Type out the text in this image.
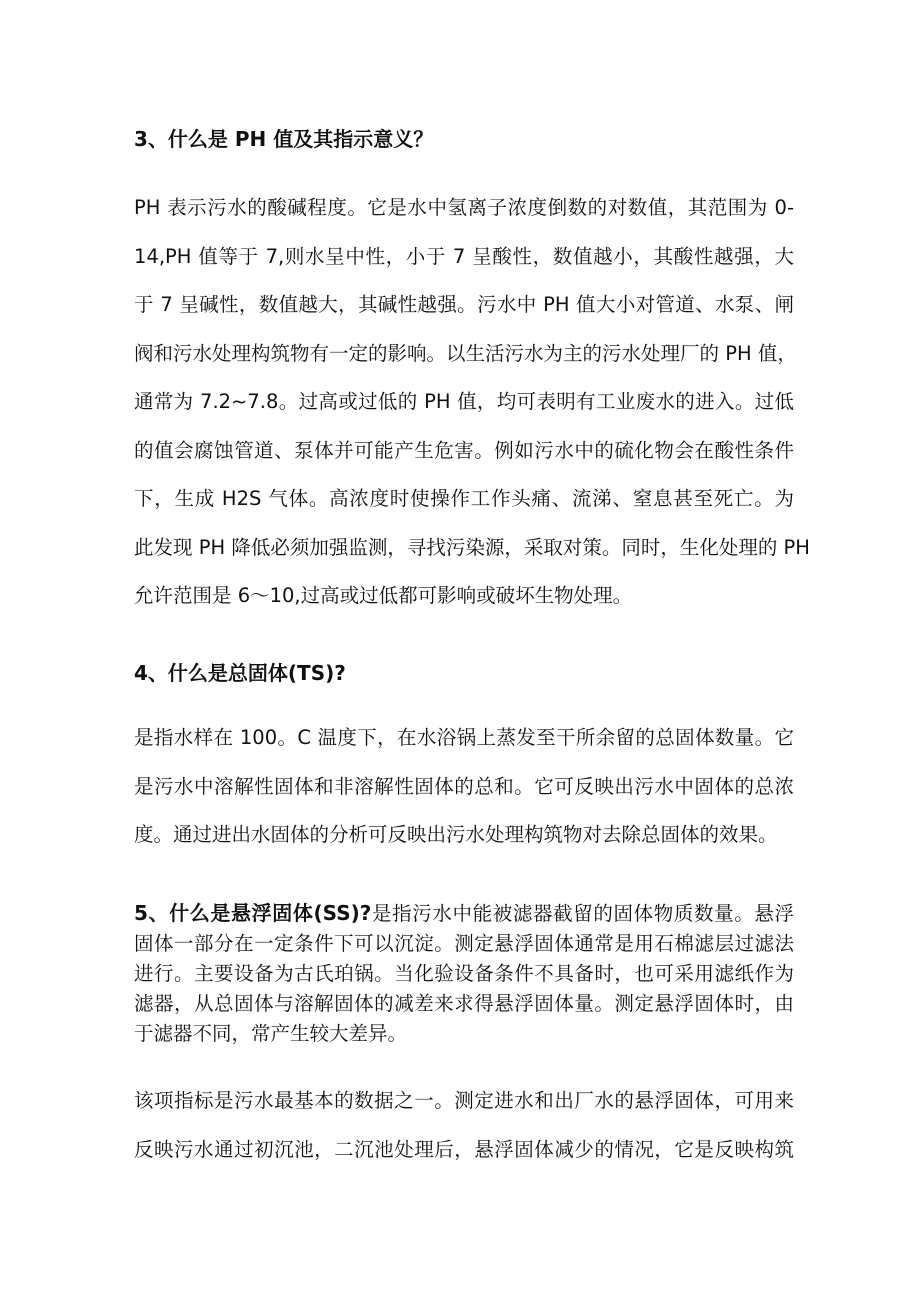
3、什么是 PH 值及其指示意义？
PH 表示污水的酸碱程度。它是水中氢离子浓度倒数的对数值，其范围为 0-
14,PH 值等于 7,则水呈中性，小于 7 呈酸性，数值越小，其酸性越强，大
于 7 呈碱性，数值越大，其碱性越强。污水中 PH 值大小对管道、水泵、闸
阀和污水处理构筑物有一定的影响。以生活污水为主的污水处理厂的 PH 值，
通常为 7.2~7.8。过高或过低的 PH 值，均可表明有工业废水的进入。过低
的值会腐蚀管道、泵体并可能产生危害。例如污水中的硫化物会在酸性条件
下，生成 H2S 气体。高浓度时使操作工作头痛、流涕、窒息甚至死亡。为
此发现 PH 降低必须加强监测，寻找污染源，采取对策。同时，生化处理的 PH
允许范围是 6～10,过高或过低都可影响或破坏生物处理。
4、什么是总固体(TS)?
是指水样在 100。C 温度下，在水浴锅上蒸发至干所余留的总固体数量。它
是污水中溶解性固体和非溶解性固体的总和。它可反映出污水中固体的总浓
度。通过进出水固体的分析可反映出污水处理构筑物对去除总固体的效果。
5、什么是悬浮固体(SS)?是指污水中能被滤器截留的固体物质数量。悬浮
固体一部分在一定条件下可以沉淀。测定悬浮固体通常是用石棉滤层过滤法
进行。主要设备为古氏珀锅。当化验设备条件不具备时，也可采用滤纸作为
滤器，从总固体与溶解固体的减差来求得悬浮固体量。测定悬浮固体时，由
于滤器不同，常产生较大差异。
该项指标是污水最基本的数据之一。测定进水和出厂水的悬浮固体，可用来
反映污水通过初沉池，二沉池处理后，悬浮固体减少的情况，它是反映构筑
